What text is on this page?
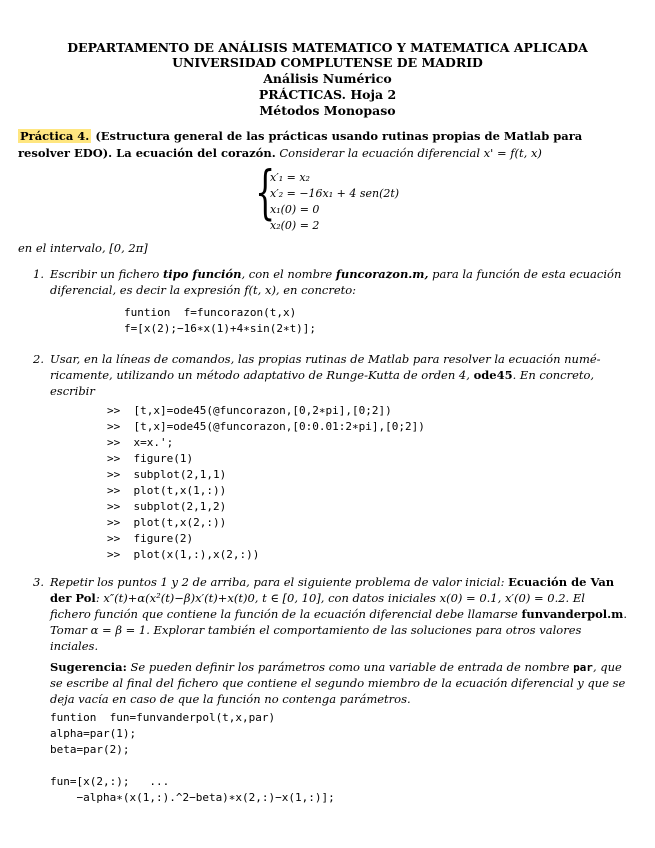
DEPARTAMENTO DE ANÁLISIS MATEMATICO Y MATEMATICA APLICADA
UNIVERSIDAD COMPLUTENSE DE MADRID
Análisis Numérico
PRÁCTICAS. Hoja 2
Métodos Monopaso
Práctica 4. (Estructura general de las prácticas usando rutinas propias de Matlab para
resolver EDO). La ecuación del corazón. Considerar la ecuación diferencial x' = f(t, x)
{
x′₁ = x₂
x′₂ = −16x₁ + 4 sen(2t)
x₁(0) = 0
x₂(0) = 2
en el intervalo, [0, 2π]
1. Escribir un fichero tipo función, con el nombre funcorazon.m, para la función de esta ecuación
diferencial, es decir la expresión f(t, x), en concreto:
funtion  f=funcorazon(t,x)
f=[x(2);−16∗x(1)+4∗sin(2∗t)];
2. Usar, en la líneas de comandos, las propias rutinas de Matlab para resolver la ecuación numé-
ricamente, utilizando un método adaptativo de Runge-Kutta de orden 4, ode45. En concreto,
escribir
>>  [t,x]=ode45(@funcorazon,[0,2∗pi],[0;2])
>>  [t,x]=ode45(@funcorazon,[0:0.01:2∗pi],[0;2])
>>  x=x.';
>>  figure(1)
>>  subplot(2,1,1)
>>  plot(t,x(1,:))
>>  subplot(2,1,2)
>>  plot(t,x(2,:))
>>  figure(2)
>>  plot(x(1,:),x(2,:))
3. Repetir los puntos 1 y 2 de arriba, para el siguiente problema de valor inicial: Ecuación de Van
der Pol: x″(t)+α(x²(t)−β)x′(t)+x(t)0, t ∈ [0, 10], con datos iniciales x(0) = 0.1, x′(0) = 0.2. El
fichero función que contiene la función de la ecuación diferencial debe llamarse funvanderpol.m.
Tomar α = β = 1. Explorar también el comportamiento de las soluciones para otros valores
inciales.
Sugerencia: Se pueden definir los parámetros como una variable de entrada de nombre par, que
se escribe al final del fichero que contiene el segundo miembro de la ecuación diferencial y que se
deja vacía en caso de que la función no contenga parámetros.
funtion  fun=funvanderpol(t,x,par)
alpha=par(1);
beta=par(2);
fun=[x(2,:);   ...
−alpha∗(x(1,:).^2−beta)∗x(2,:)−x(1,:)];
